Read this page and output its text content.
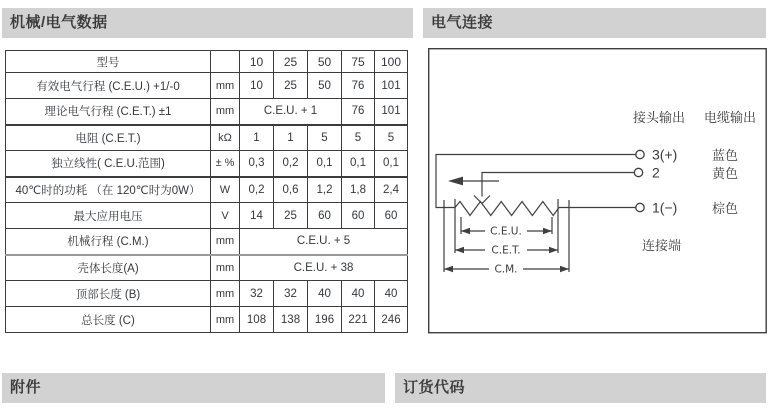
机械/电气数据	电气连接
附件	订货代码
型号		10	25	50	75	100
有效电气行程 (C.E.U.) +1/-0	mm	10	25	50	76	101
理论电气行程 (C.E.T.) ±1	mm	C.E.U. + 1			76	101
电阻 (C.E.T.)	kΩ	1	1	5	5	5
独立线性( C.E.U.范围)	± %	0,3	0,2	0,1	0,1	0,1
40℃时的功耗 （在 120℃时为0W）	W	0,2	0,6	1,2	1,8	2,4
最大应用电压	V	14	25	60	60	60
机械行程 (C.M.)	mm	C.E.U. + 5				
壳体长度(A)	mm	C.E.U. + 38				
顶部长度 (B)	mm	32	32	40	40	40
总长度 (C)	mm	108	138	196	221	246
接头输出 电缆输出
3(+)
2
1(−)
蓝色
黄色
棕色
连接端
C.E.U.
C.E.T.
C.M.
